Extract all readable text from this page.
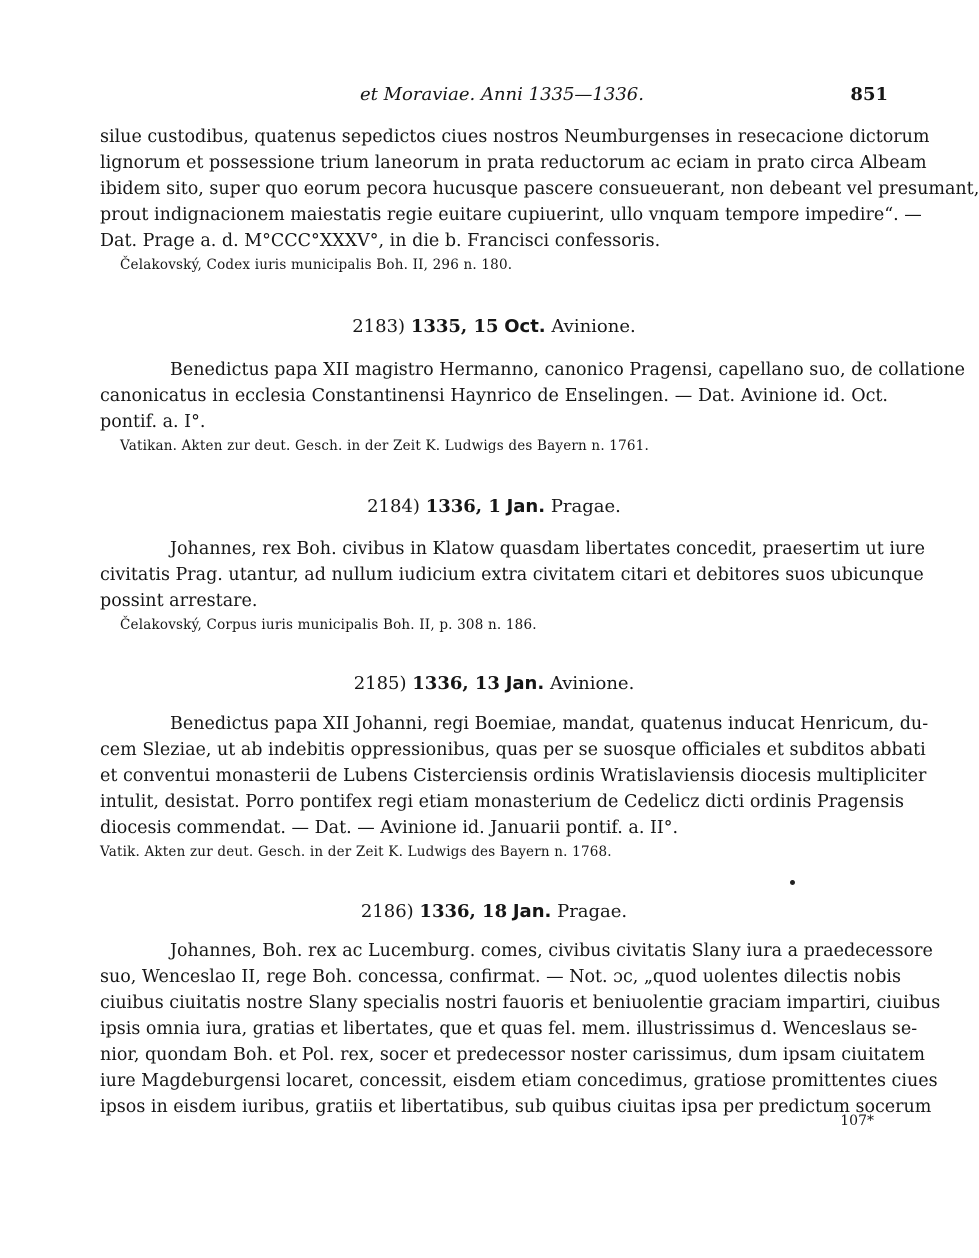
et Moraviae. Anni 1335—1336.	851
silue custodibus, quatenus sepedictos ciues nostros Neumburgenses in resecacione dictorum
lignorum et possessione trium laneorum in prata reductorum ac eciam in prato circa Albeam
ibidem sito, super quo eorum pecora hucusque pascere consueuerant, non debeant vel presumant,
prout indignacionem maiestatis regie euitare cupiuerint, ullo vnquam tempore impedire“. —
Dat. Prage a. d. M°CCC°XXXV°, in die b. Francisci confessoris.
Čelakovský, Codex iuris municipalis Boh. II, 296 n. 180.
2183) 1335, 15 Oct. Avinione.
Benedictus papa XII magistro Hermanno, canonico Pragensi, capellano suo, de collatione
canonicatus in ecclesia Constantinensi Haynrico de Enselingen. — Dat. Avinione id. Oct.
pontif. a. I°.
Vatikan. Akten zur deut. Gesch. in der Zeit K. Ludwigs des Bayern n. 1761.
2184) 1336, 1 Jan. Pragae.
Johannes, rex Boh. civibus in Klatow quasdam libertates concedit, praesertim ut iure
civitatis Prag. utantur, ad nullum iudicium extra civitatem citari et debitores suos ubicunque
possint arrestare.
Čelakovský, Corpus iuris municipalis Boh. II, p. 308 n. 186.
2185) 1336, 13 Jan. Avinione.
Benedictus papa XII Johanni, regi Boemiae, mandat, quatenus inducat Henricum, du-
cem Sleziae, ut ab indebitis oppressionibus, quas per se suosque officiales et subditos abbati
et conventui monasterii de Lubens Cisterciensis ordinis Wratislaviensis diocesis multipliciter
intulit, desistat. Porro pontifex regi etiam monasterium de Cedelicz dicti ordinis Pragensis
diocesis commendat. — Dat. — Avinione id. Januarii pontif. a. II°.
Vatik. Akten zur deut. Gesch. in der Zeit K. Ludwigs des Bayern n. 1768.
2186) 1336, 18 Jan. Pragae.
Johannes, Boh. rex ac Lucemburg. comes, civibus civitatis Slany iura a praedecessore
suo, Wenceslao II, rege Boh. concessa, confirmat. — Not. ɔc, „quod uolentes dilectis nobis
ciuibus ciuitatis nostre Slany specialis nostri fauoris et beniuolentie graciam impartiri, ciuibus
ipsis omnia iura, gratias et libertates, que et quas fel. mem. illustrissimus d. Wenceslaus se-
nior, quondam Boh. et Pol. rex, socer et predecessor noster carissimus, dum ipsam ciuitatem
iure Magdeburgensi locaret, concessit, eisdem etiam concedimus, gratiose promittentes ciues
ipsos in eisdem iuribus, gratiis et libertatibus, sub quibus ciuitas ipsa per predictum socerum
107*
